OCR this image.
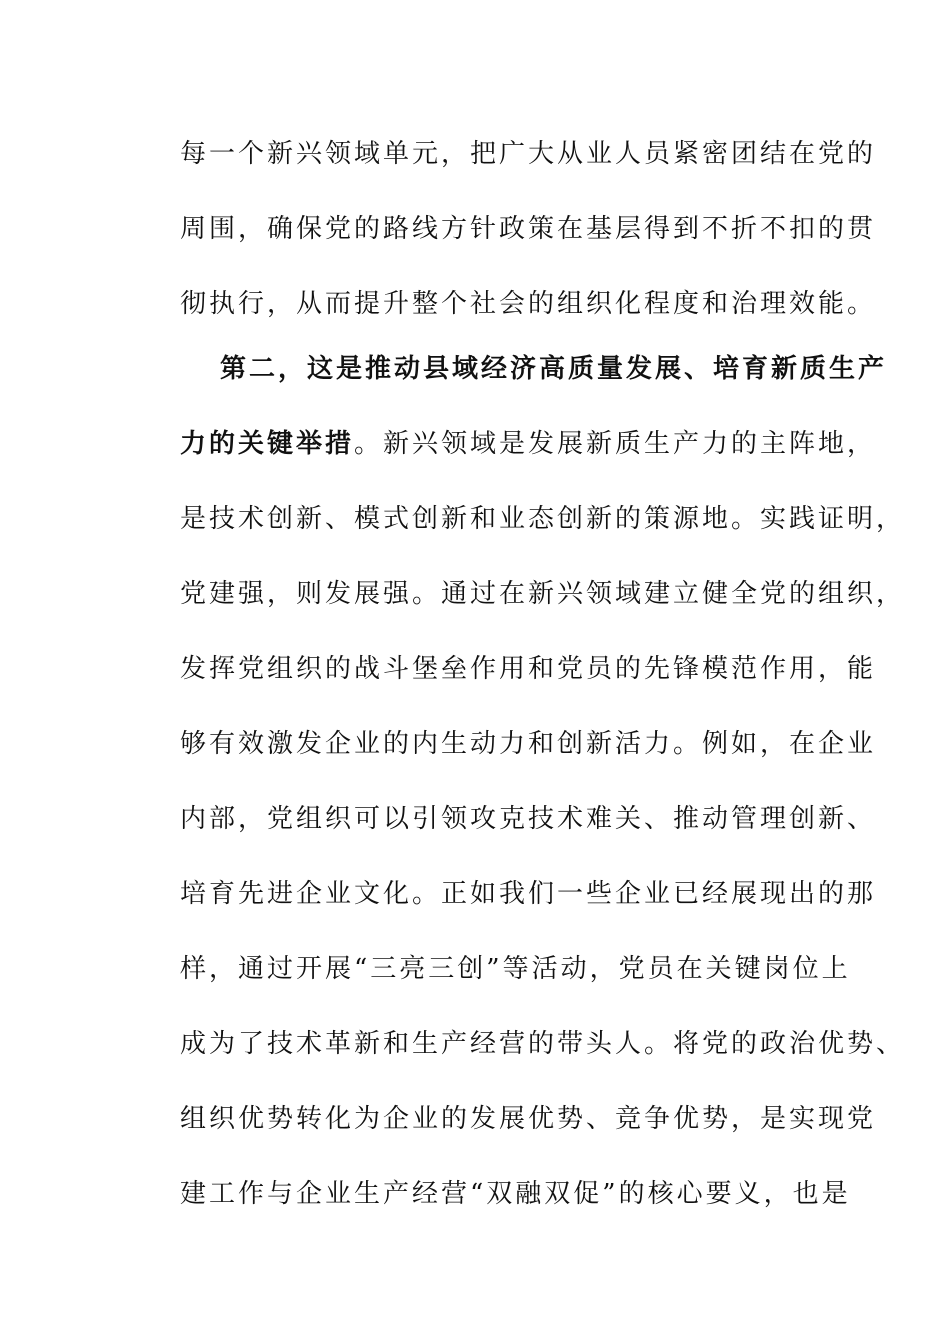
每一个新兴领域单元，把广大从业人员紧密团结在党的
周围，确保党的路线方针政策在基层得到不折不扣的贯
彻执行，从而提升整个社会的组织化程度和治理效能。
第二，这是推动县域经济高质量发展、培育新质生产
力的关键举措。新兴领域是发展新质生产力的主阵地，
是技术创新、模式创新和业态创新的策源地。实践证明，
党建强，则发展强。通过在新兴领域建立健全党的组织，
发挥党组织的战斗堡垒作用和党员的先锋模范作用，能
够有效激发企业的内生动力和创新活力。例如，在企业
内部，党组织可以引领攻克技术难关、推动管理创新、
培育先进企业文化。正如我们一些企业已经展现出的那
样，通过开展“三亮三创”等活动，党员在关键岗位上
成为了技术革新和生产经营的带头人。将党的政治优势、
组织优势转化为企业的发展优势、竞争优势，是实现党
建工作与企业生产经营“双融双促”的核心要义，也是
